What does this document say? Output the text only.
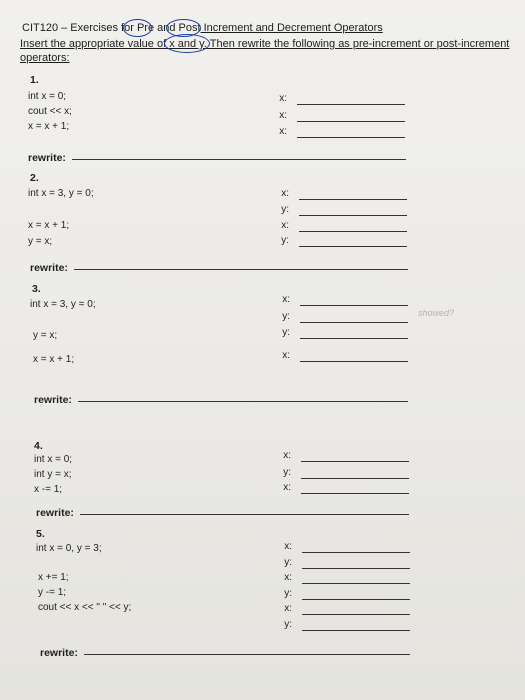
CIT120 – Exercises for Pre and Post Increment and Decrement Operators
Insert the appropriate value of x and y. Then rewrite the following as pre-increment or post-increment
operators:
1.
int x = 0;
cout << x;
x = x + 1;
x:
x:
x:
rewrite:
2.
int x = 3, y = 0;
x = x + 1;
y = x;
x:
y:
x:
y:
rewrite:
3.
int x = 3, y = 0;
y = x;
x = x + 1;
x:
y:
y:
x:
showed?
rewrite:
4.
int x = 0;
int y = x;
x -= 1;
x:
y:
x:
rewrite:
5.
int x = 0, y = 3;
x += 1;
y -= 1;
cout << x << " " << y;
x:
y:
x:
y:
x:
y:
rewrite:
